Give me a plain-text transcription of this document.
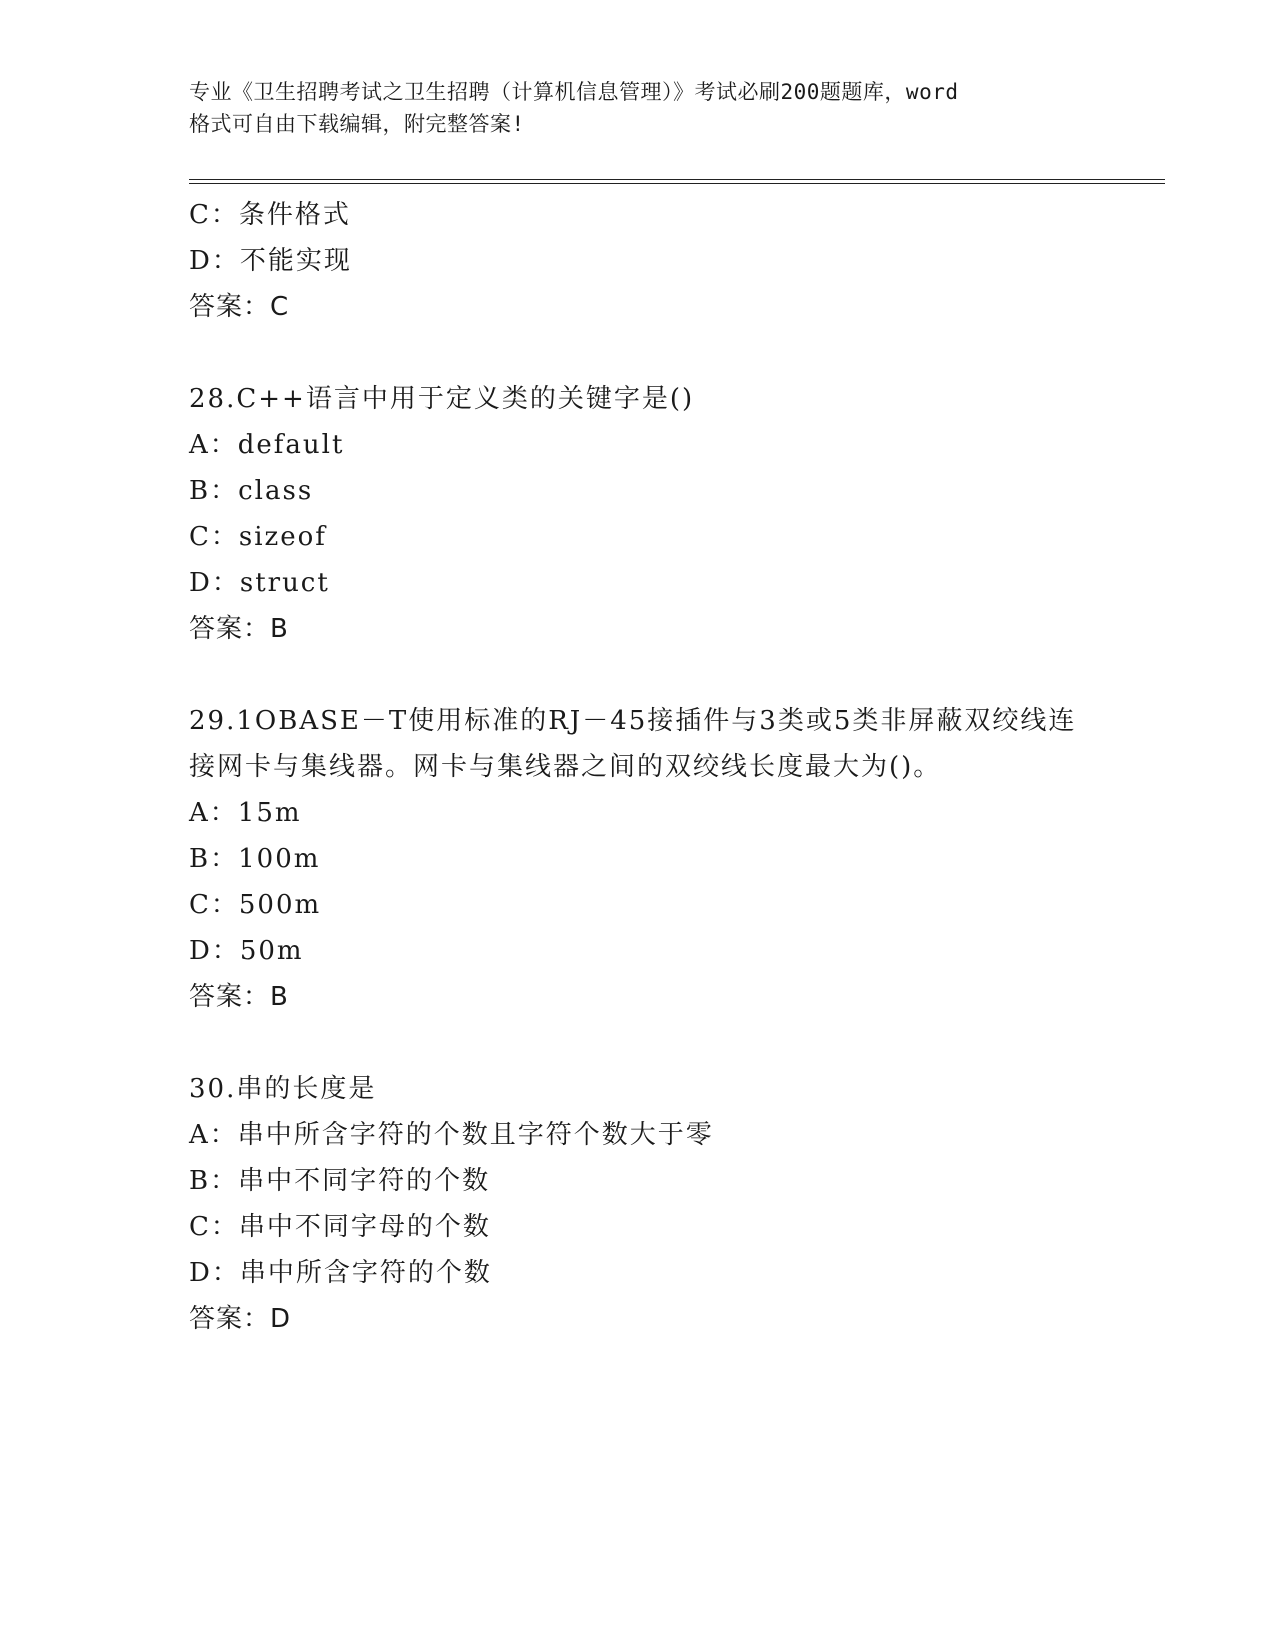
专业《卫生招聘考试之卫生招聘（计算机信息管理）》考试必刷200题题库，word
格式可自由下载编辑，附完整答案!
C：条件格式
D：不能实现
答案：C
28.C++语言中用于定义类的关键字是()
A：default
B：class
C：sizeof
D：struct
答案：B
29.1OBASE－T使用标准的RJ－45接插件与3类或5类非屏蔽双绞线连
接网卡与集线器。网卡与集线器之间的双绞线长度最大为()。
A：15m
B：100m
C：500m
D：50m
答案：B
30.串的长度是
A：串中所含字符的个数且字符个数大于零
B：串中不同字符的个数
C：串中不同字母的个数
D：串中所含字符的个数
答案：D
